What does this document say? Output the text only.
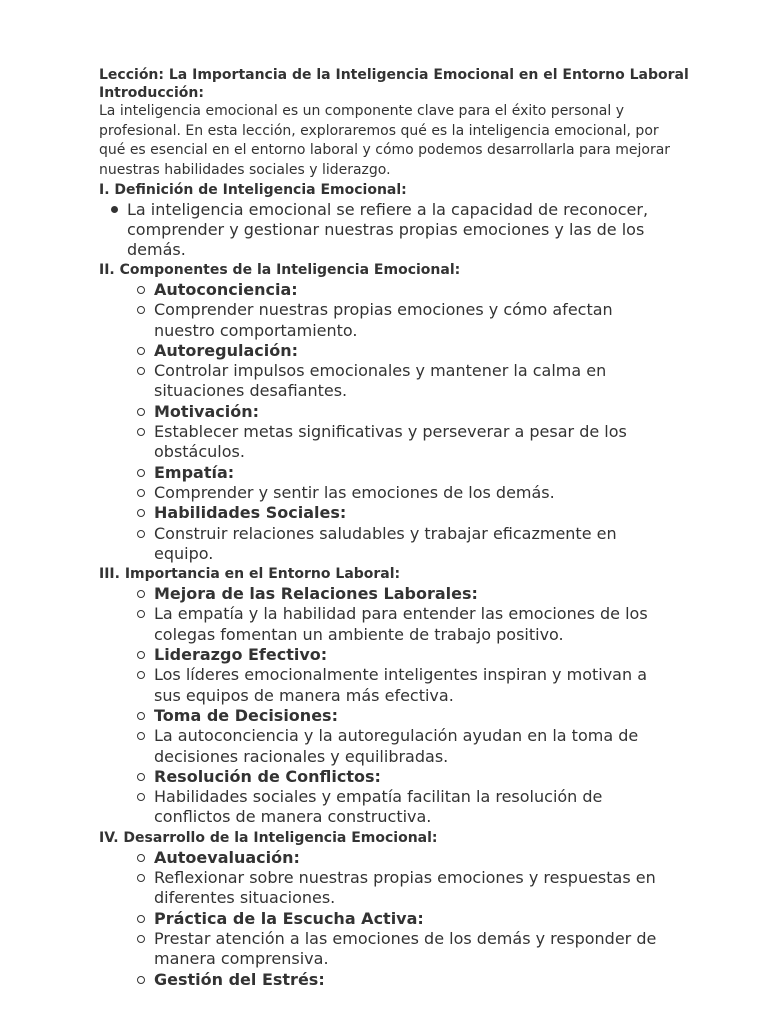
Lección: La Importancia de la Inteligencia Emocional en el Entorno Laboral

Introducción:

La inteligencia emocional es un componente clave para el éxito personal y profesional. En esta lección, exploraremos qué es la inteligencia emocional, por qué es esencial en el entorno laboral y cómo podemos desarrollarla para mejorar nuestras habilidades sociales y liderazgo.

I. Definición de Inteligencia Emocional:

La inteligencia emocional se refiere a la capacidad de reconocer, comprender y gestionar nuestras propias emociones y las de los demás.

II. Componentes de la Inteligencia Emocional:

Autoconciencia:
Comprender nuestras propias emociones y cómo afectan nuestro comportamiento.
Autoregulación:
Controlar impulsos emocionales y mantener la calma en situaciones desafiantes.
Motivación:
Establecer metas significativas y perseverar a pesar de los obstáculos.
Empatía:
Comprender y sentir las emociones de los demás.
Habilidades Sociales:
Construir relaciones saludables y trabajar eficazmente en equipo.

III. Importancia en el Entorno Laboral:

Mejora de las Relaciones Laborales:
La empatía y la habilidad para entender las emociones de los colegas fomentan un ambiente de trabajo positivo.
Liderazgo Efectivo:
Los líderes emocionalmente inteligentes inspiran y motivan a sus equipos de manera más efectiva.
Toma de Decisiones:
La autoconciencia y la autoregulación ayudan en la toma de decisiones racionales y equilibradas.
Resolución de Conflictos:
Habilidades sociales y empatía facilitan la resolución de conflictos de manera constructiva.

IV. Desarrollo de la Inteligencia Emocional:

Autoevaluación:
Reflexionar sobre nuestras propias emociones y respuestas en diferentes situaciones.
Práctica de la Escucha Activa:
Prestar atención a las emociones de los demás y responder de manera comprensiva.
Gestión del Estrés:
